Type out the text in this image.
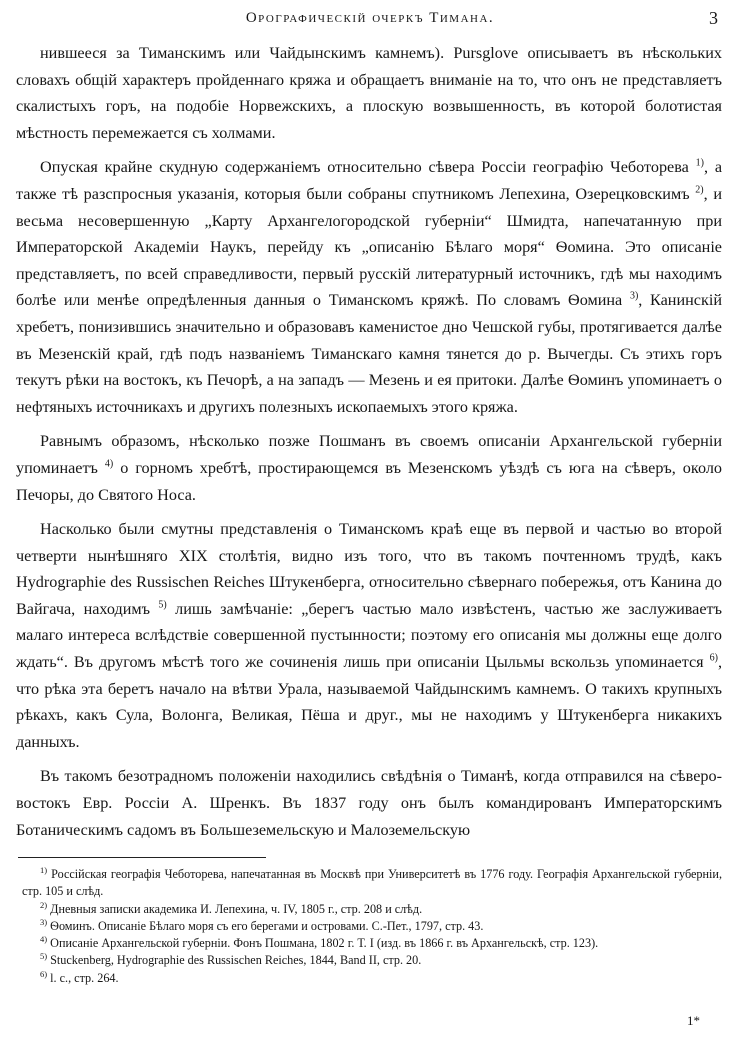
Орографическій очеркъ Тимана.	3

нившееся за Тиманскимъ или Чайдынскимъ камнемъ). Pursglove описываетъ въ нѣскольких словахъ общій характеръ пройденнаго кряжа и обращаетъ вниманіе на то, что онъ не представляетъ скалистыхъ горъ, на подобіе Норвежскихъ, а плоскую возвышенность, въ которой болотистая мѣстность перемежается съ холмами.

Опуская крайне скудную содержаніемъ относительно сѣвера Россіи географію Чеботорева $^{1)}$, а также тѣ разспросныя указанія, которыя были собраны спутникомъ Лепехина, Озерецковскимъ $^{2)}$, и весьма несовершенную „Карту Архангелогородской губерніи“ Шмидта, напечатанную при Императорской Академіи Наукъ, перейду къ „описанію Бѣлаго моря“ Ѳомина. Это описаніе представляетъ, по всей справедливости, первый русскій литературный источникъ, гдѣ мы находимъ болѣе или менѣе опредѣленныя данныя о Тиманскомъ кряжѣ. По словамъ Ѳомина $^{3)}$, Канинскій хребетъ, понизившись значительно и образовавъ каменистое дно Чешской губы, протягивается далѣе въ Мезенскій край, гдѣ подъ названіемъ Тиманскаго камня тянется до р. Вычегды. Съ этихъ горъ текутъ рѣки на востокъ, къ Печорѣ, а на западъ — Мезень и ея притоки. Далѣе Ѳоминъ упоминаетъ о нефтяныхъ источникахъ и другихъ полезныхъ ископаемыхъ этого кряжа.

Равнымъ образомъ, нѣсколько позже Пошманъ въ своемъ описаніи Архангельской губерніи упоминаетъ $^{4)}$ о горномъ хребтѣ, простирающемся въ Мезенскомъ уѣздѣ съ юга на сѣверъ, около Печоры, до Святого Носа.

Насколько были смутны представленія о Тиманскомъ краѣ еще въ первой и частью во второй четверти нынѣшняго XIX столѣтія, видно изъ того, что въ такомъ почтенномъ трудѣ, какъ Hydrographie des Russischen Reiches Штукенберга, относительно сѣвернаго побережья, отъ Канина до Вайгача, находимъ $^{5)}$ лишь замѣчаніе: „берегъ частью мало извѣстенъ, частью же заслуживаетъ малаго интереса вслѣдствіе совершенной пустынности; поэтому его описанія мы должны еще долго ждать“. Въ другомъ мѣстѣ того же сочиненія лишь при описаніи Цыльмы вскользь упоминается $^{6)}$, что рѣка эта беретъ начало на вѣтви Урала, называемой Чайдынскимъ камнемъ. О такихъ крупныхъ рѣкахъ, какъ Сула, Волонга, Великая, Пёша и друг., мы не находимъ у Штукенберга никакихъ данныхъ.

Въ такомъ безотрадномъ положеніи находились свѣдѣнія о Тиманѣ, когда отправился на сѣверо-востокъ Евр. Россіи А. Шренкъ. Въ 1837 году онъ былъ командированъ Императорскимъ Ботаническимъ садомъ въ Большеземельскую и Малоземельскую

$^{1)}$ Россійская географія Чеботорева, напечатанная въ Москвѣ при Университетѣ въ 1776 году. Географія Архангельской губерніи, стр. 105 и слѣд.

$^{2)}$ Дневныя записки академика И. Лепехина, ч. IV, 1805 г., стр. 208 и слѣд.

$^{3)}$ Ѳоминъ. Описаніе Бѣлаго моря съ его берегами и островами. С.-Пет., 1797, стр. 43.

$^{4)}$ Описаніе Архангельской губерніи. Фонъ Пошмана, 1802 г. Т. I (изд. въ 1866 г. въ Архангельскѣ, стр. 123).

$^{5)}$ Stuckenberg, Hydrographie des Russischen Reiches, 1844, Band II, стр. 20.

$^{6)}$ l. c., стр. 264.

1*
